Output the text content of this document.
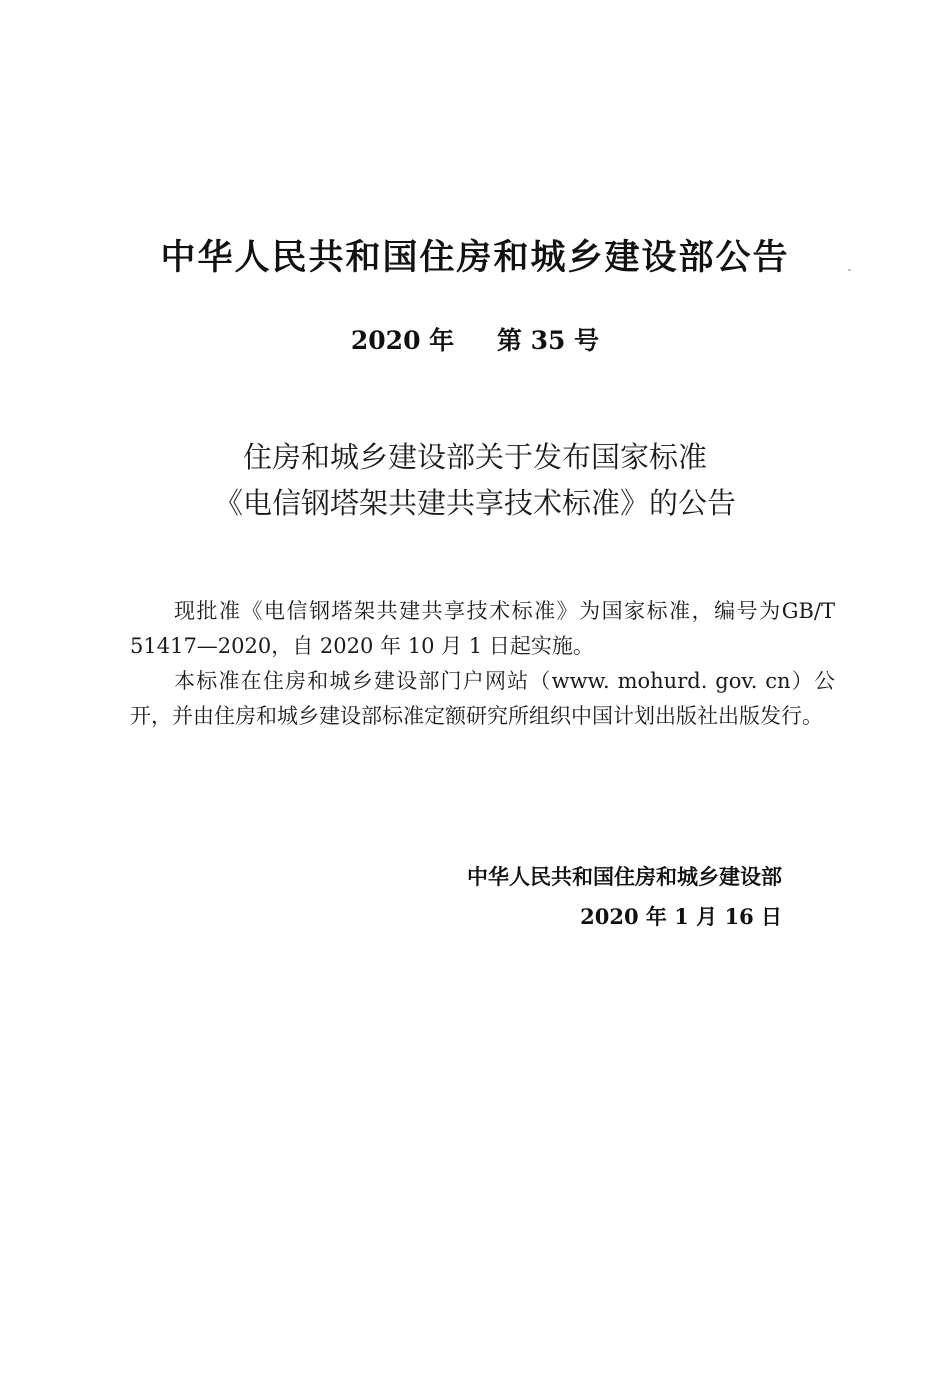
中华人民共和国住房和城乡建设部公告
2020 年 第 35 号
住房和城乡建设部关于发布国家标准
《电信钢塔架共建共享技术标准》的公告

现批准《电信钢塔架共建共享技术标准》为国家标准，编号为GB/T 51417—2020，自 2020 年 10 月 1 日起实施。

本标准在住房和城乡建设部门户网站（www. mohurd. gov. cn）公开，并由住房和城乡建设部标准定额研究所组织中国计划出版社出版发行。

中华人民共和国住房和城乡建设部
2020 年 1 月 16 日
